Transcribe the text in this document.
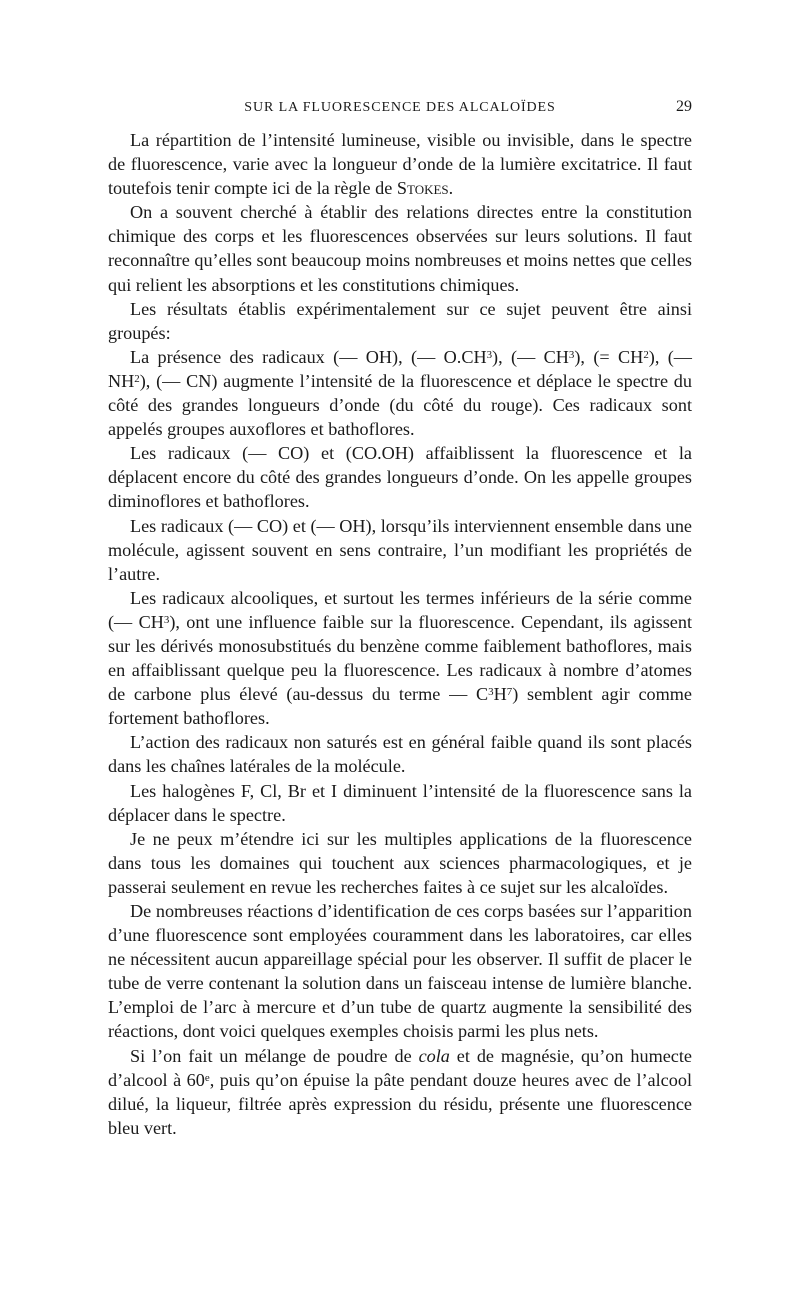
SUR LA FLUORESCENCE DES ALCALOÏDES	29

La répartition de l’intensité lumineuse, visible ou invisible, dans le spectre de fluorescence, varie avec la longueur d’onde de la lumière excitatrice. Il faut toutefois tenir compte ici de la règle de Stokes.

On a souvent cherché à établir des relations directes entre la constitution chimique des corps et les fluorescences observées sur leurs solutions. Il faut reconnaître qu’elles sont beaucoup moins nombreuses et moins nettes que celles qui relient les absorptions et les constitutions chimiques.

Les résultats établis expérimentalement sur ce sujet peuvent être ainsi groupés:

La présence des radicaux (— OH), (— $O.CH^3$), (— $CH^3$), (= $CH^2$), (— $NH^2$), (— CN) augmente l’intensité de la fluorescence et déplace le spectre du côté des grandes longueurs d’onde (du côté du rouge). Ces radicaux sont appelés groupes auxoflores et bathoflores.

Les radicaux (— CO) et (CO.OH) affaiblissent la fluorescence et la déplacent encore du côté des grandes longueurs d’onde. On les appelle groupes diminoflores et bathoflores.

Les radicaux (— CO) et (— OH), lorsqu’ils interviennent ensemble dans une molécule, agissent souvent en sens contraire, l’un modifiant les propriétés de l’autre.

Les radicaux alcooliques, et surtout les termes inférieurs de la série comme (— $CH^3$), ont une influence faible sur la fluorescence. Cependant, ils agissent sur les dérivés monosubstitués du benzène comme faiblement bathoflores, mais en affaiblissant quelque peu la fluorescence. Les radicaux à nombre d’atomes de carbone plus élevé (au-dessus du terme — $C^3H^7$) semblent agir comme fortement bathoflores.

L’action des radicaux non saturés est en général faible quand ils sont placés dans les chaînes latérales de la molécule.

Les halogènes F, Cl, Br et I diminuent l’intensité de la fluorescence sans la déplacer dans le spectre.

Je ne peux m’étendre ici sur les multiples applications de la fluorescence dans tous les domaines qui touchent aux sciences pharmacologiques, et je passerai seulement en revue les recherches faites à ce sujet sur les alcaloïdes.

De nombreuses réactions d’identification de ces corps basées sur l’apparition d’une fluorescence sont employées couramment dans les laboratoires, car elles ne nécessitent aucun appareillage spécial pour les observer. Il suffit de placer le tube de verre contenant la solution dans un faisceau intense de lumière blanche. L’emploi de l’arc à mercure et d’un tube de quartz augmente la sensibilité des réactions, dont voici quelques exemples choisis parmi les plus nets.

Si l’on fait un mélange de poudre de cola et de magnésie, qu’on humecte d’alcool à 60e, puis qu’on épuise la pâte pendant douze heures avec de l’alcool dilué, la liqueur, filtrée après expression du résidu, présente une fluorescence bleu vert.
